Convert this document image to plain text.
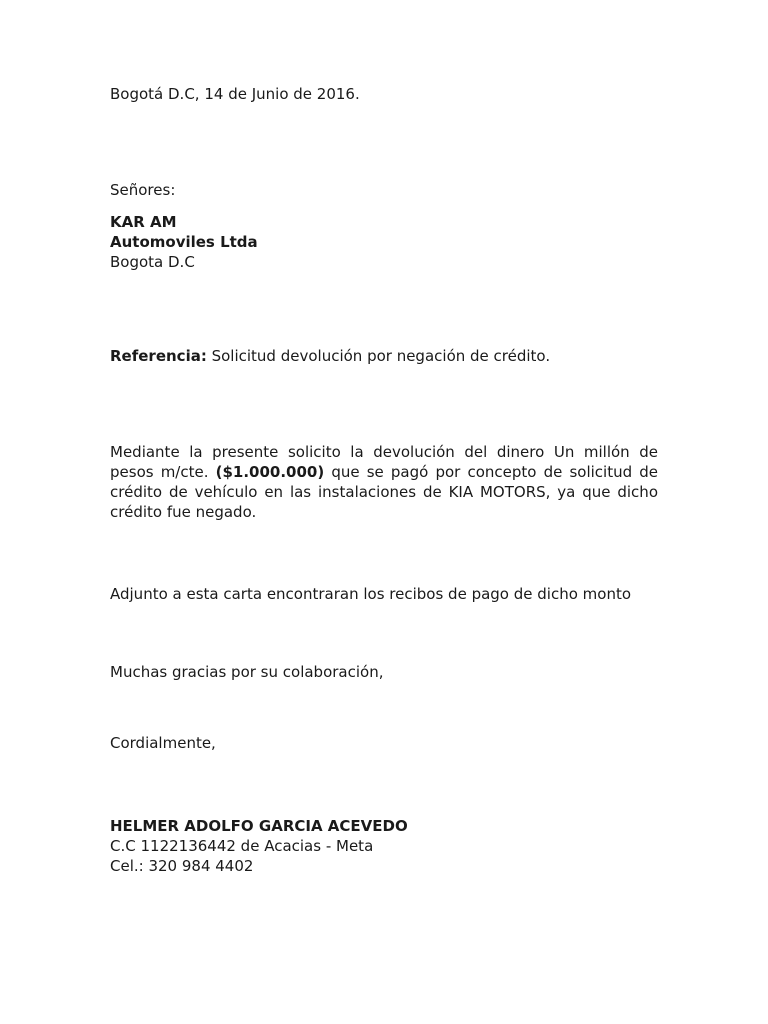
Bogotá D.C, 14 de Junio de 2016.

Señores:

KAR AM

Automoviles Ltda

Bogota D.C

Referencia: Solicitud devolución por negación de crédito.

Mediante la presente solicito la devolución del dinero Un millón de pesos m/cte. ($1.000.000) que se pagó por concepto de solicitud de crédito de vehículo en las instalaciones de KIA MOTORS, ya que dicho crédito fue negado.

Adjunto a esta carta encontraran los recibos de pago de dicho monto

Muchas gracias por su colaboración,

Cordialmente,

HELMER ADOLFO GARCIA ACEVEDO

C.C 1122136442 de Acacias - Meta

Cel.: 320 984 4402
